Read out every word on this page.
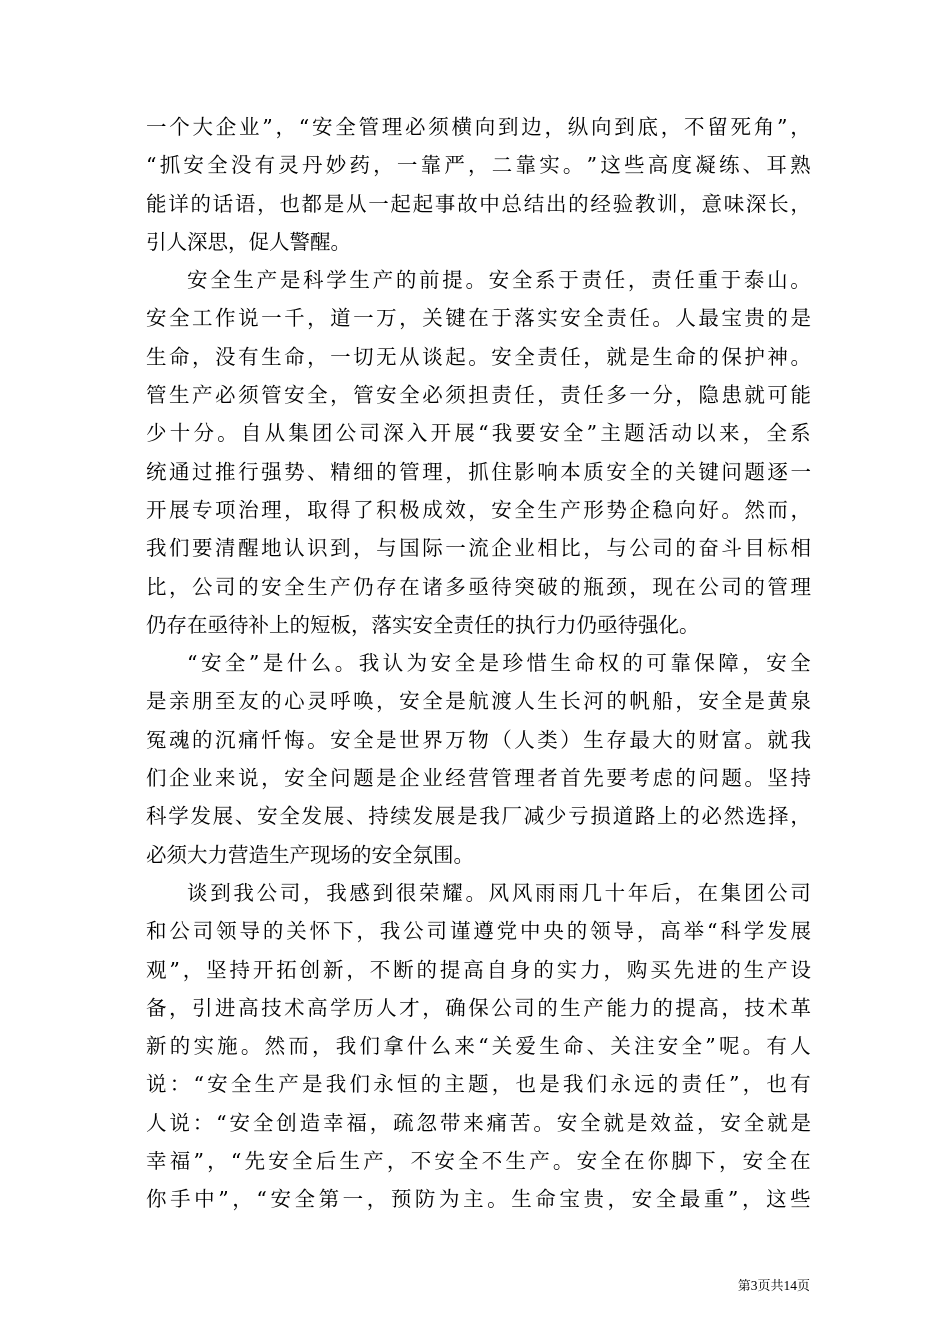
一 个 大 企 业 ” ， “ 安 全 管 理 必 须 横 向 到 边 ， 纵 向 到 底 ， 不 留 死 角 ” ，
“ 抓 安 全 没 有 灵 丹 妙 药 ， 一 靠 严 ， 二 靠 实 。 ” 这 些 高 度 凝 练 、 耳 熟
能 详 的 话 语 ， 也 都 是 从 一 起 起 事 故 中 总 结 出 的 经 验 教 训 ， 意 味 深 长 ，
引人深思，促人警醒。
安 全 生 产 是 科 学 生 产 的 前 提 。 安 全 系 于 责 任 ， 责 任 重 于 泰 山 。
安 全 工 作 说 一 千 ， 道 一 万 ， 关 键 在 于 落 实 安 全 责 任 。 人 最 宝 贵 的 是
生 命 ， 没 有 生 命 ， 一 切 无 从 谈 起 。 安 全 责 任 ， 就 是 生 命 的 保 护 神 。
管 生 产 必 须 管 安 全 ， 管 安 全 必 须 担 责 任 ， 责 任 多 一 分 ， 隐 患 就 可 能
少 十 分 。 自 从 集 团 公 司 深 入 开 展 “ 我 要 安 全 ” 主 题 活 动 以 来 ， 全 系
统 通 过 推 行 强 势 、 精 细 的 管 理 ， 抓 住 影 响 本 质 安 全 的 关 键 问 题 逐 一
开 展 专 项 治 理 ， 取 得 了 积 极 成 效 ， 安 全 生 产 形 势 企 稳 向 好 。 然 而 ，
我 们 要 清 醒 地 认 识 到 ， 与 国 际 一 流 企 业 相 比 ， 与 公 司 的 奋 斗 目 标 相
比 ， 公 司 的 安 全 生 产 仍 存 在 诸 多 亟 待 突 破 的 瓶 颈 ， 现 在 公 司 的 管 理
仍存在亟待补上的短板，落实安全责任的执行力仍亟待强化。
“ 安 全 ” 是 什 么 。 我 认 为 安 全 是 珍 惜 生 命 权 的 可 靠 保 障 ， 安 全
是 亲 朋 至 友 的 心 灵 呼 唤 ， 安 全 是 航 渡 人 生 长 河 的 帆 船 ， 安 全 是 黄 泉
冤 魂 的 沉 痛 忏 悔 。 安 全 是 世 界 万 物 （ 人 类 ） 生 存 最 大 的 财 富 。 就 我
们 企 业 来 说 ， 安 全 问 题 是 企 业 经 营 管 理 者 首 先 要 考 虑 的 问 题 。 坚 持
科 学 发 展 、 安 全 发 展 、 持 续 发 展 是 我 厂 减 少 亏 损 道 路 上 的 必 然 选 择 ，
必须大力营造生产现场的安全氛围。
谈 到 我 公 司 ， 我 感 到 很 荣 耀 。 风 风 雨 雨 几 十 年 后 ， 在 集 团 公 司
和 公 司 领 导 的 关 怀 下 ， 我 公 司 谨 遵 党 中 央 的 领 导 ， 高 举 “ 科 学 发 展
观 ” ， 坚 持 开 拓 创 新 ， 不 断 的 提 高 自 身 的 实 力 ， 购 买 先 进 的 生 产 设
备 ， 引 进 高 技 术 高 学 历 人 才 ， 确 保 公 司 的 生 产 能 力 的 提 高 ， 技 术 革
新 的 实 施 。 然 而 ， 我 们 拿 什 么 来 “ 关 爱 生 命 、 关 注 安 全 ” 呢 。 有 人
说 ： “ 安 全 生 产 是 我 们 永 恒 的 主 题 ， 也 是 我 们 永 远 的 责 任 ” ， 也 有
人 说 ： “ 安 全 创 造 幸 福 ， 疏 忽 带 来 痛 苦 。 安 全 就 是 效 益 ， 安 全 就 是
幸 福 ” ， “ 先 安 全 后 生 产 ， 不 安 全 不 生 产 。 安 全 在 你 脚 下 ， 安 全 在
你 手 中 ” ， “ 安 全 第 一 ， 预 防 为 主 。 生 命 宝 贵 ， 安 全 最 重 ” ， 这 些
第3页共14页
